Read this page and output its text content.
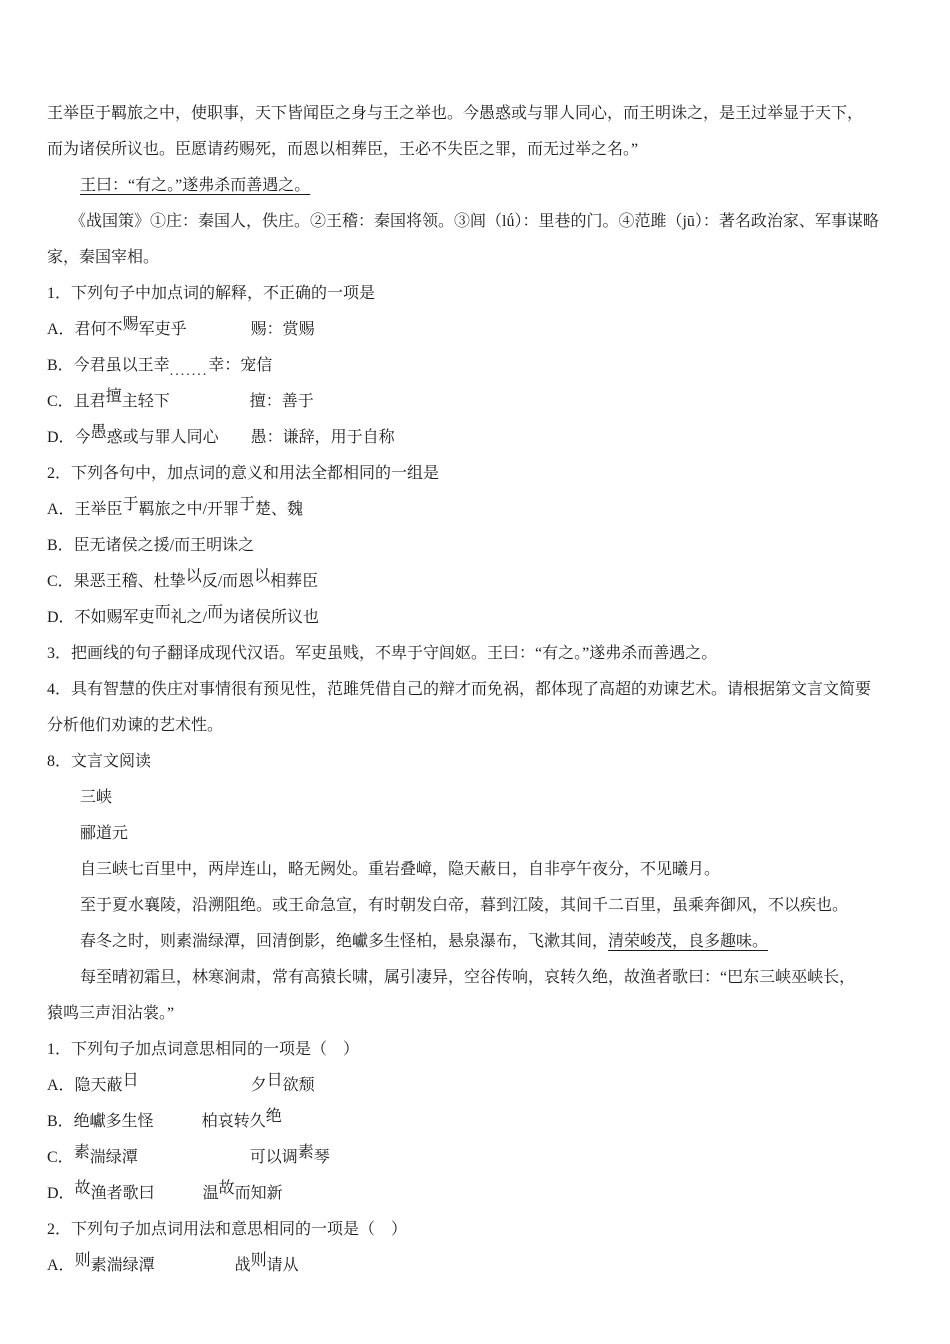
王举臣于羁旅之中，使职事，天下皆闻臣之身与王之举也。今愚惑或与罪人同心，而王明诛之，是王过举显于天下，
而为诸侯所议也。臣愿请药赐死，而恩以相葬臣，王必不失臣之罪，而无过举之名。”
王曰：“有之。”遂弗杀而善遇之。
《战国策》①庄：秦国人，佚庄。②王稽：秦国将领。③闾（lǘ）：里巷的门。④范雎（jū）：著名政治家、军事谋略
家，秦国宰相。
1．下列句子中加点词的解释，不正确的一项是
A．君何不赐军吏乎　　　　赐：赏赐
B．今君虽以王幸.......幸：宠信
C．且君擅主轻下　　　　　擅：善于
D．今愚惑或与罪人同心　　愚：谦辞，用于自称
2．下列各句中，加点词的意义和用法全都相同的一组是
A．王举臣于羁旅之中/开罪于楚、魏
B．臣无诸侯之援/而王明诛之
C．果恶王稽、杜挚以反/而恩以相葬臣
D．不如赐军吏而礼之/而为诸侯所议也
3．把画线的句子翻译成现代汉语。军吏虽贱，不卑于守闾妪。王曰：“有之。”遂弗杀而善遇之。
4．具有智慧的佚庄对事情很有预见性，范雎凭借自己的辩才而免祸，都体现了高超的劝谏艺术。请根据第文言文简要
分析他们劝谏的艺术性。
8．文言文阅读
三峡
郦道元
自三峡七百里中，两岸连山，略无阙处。重岩叠嶂，隐天蔽日，自非亭午夜分，不见曦月。
至于夏水襄陵，沿溯阻绝。或王命急宣，有时朝发白帝，暮到江陵，其间千二百里，虽乘奔御风，不以疾也。
春冬之时，则素湍绿潭，回清倒影，绝巘多生怪柏，悬泉瀑布，飞漱其间，清荣峻茂，良多趣味。
每至晴初霜旦，林寒涧肃，常有高猿长啸，属引凄异，空谷传响，哀转久绝，故渔者歌曰：“巴东三峡巫峡长，
猿鸣三声泪沾裳。”
1．下列句子加点词意思相同的一项是（　）
A．隐天蔽日　　　　　　　夕日欲颓
B．绝巘多生怪　　　柏哀转久绝
C．素湍绿潭　　　　　　　可以调素琴
D．故渔者歌曰　　　温故而知新
2．下列句子加点词用法和意思相同的一项是（　）
A．则素湍绿潭　　　　　战则请从
